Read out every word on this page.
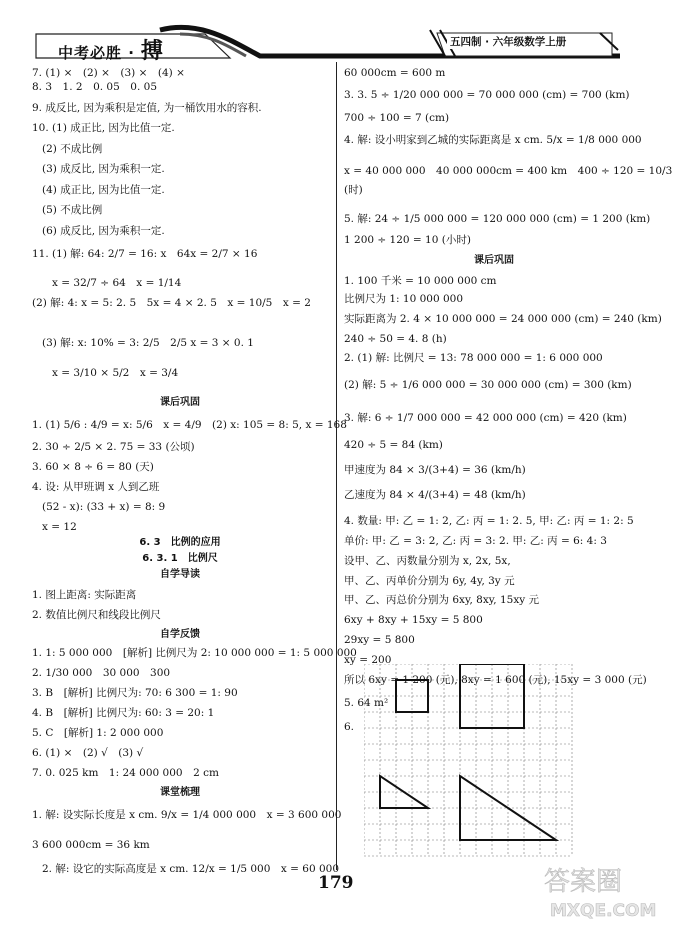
中考必胜 · 搏	五四制 · 六年级数学上册
7. (1) ×　(2) ×　(3) ×　(4) ×
8. 3　1. 2　0. 05　0. 05
9. 成反比, 因为乘积是定值, 为一桶饮用水的容积.
10. (1) 成正比, 因为比值一定.
(2) 不成比例
(3) 成反比, 因为乘积一定.
(4) 成正比, 因为比值一定.
(5) 不成比例
(6) 成反比, 因为乘积一定.
11. (1) 解: 64: 2/7 = 16: x　64x = 2/7 × 16
x = 32/7 ÷ 64　x = 1/14
(2) 解: 4: x = 5: 2. 5　5x = 4 × 2. 5　x = 10/5　x = 2
(3) 解: x: 10% = 3: 2/5　2/5 x = 3 × 0. 1
x = 3/10 × 5/2　x = 3/4
课后巩固
1. (1) 5/6 : 4/9 = x: 5/6　x = 4/9　(2) x: 105 = 8: 5, x = 168
2. 30 ÷ 2/5 × 2. 75 = 33 (公顷)
3. 60 × 8 ÷ 6 = 80 (天)
4. 设: 从甲班调 x 人到乙班
(52 - x): (33 + x) = 8: 9
x = 12
6. 3　比例的应用
6. 3. 1　比例尺
自学导读
1. 图上距离: 实际距离
2. 数值比例尺和线段比例尺
自学反馈
1. 1: 5 000 000　[解析] 比例尺为 2: 10 000 000 = 1: 5 000 000
2. 1/30 000　30 000　300
3. B　[解析] 比例尺为: 70: 6 300 = 1: 90
4. B　[解析] 比例尺为: 60: 3 = 20: 1
5. C　[解析] 1: 2 000 000
6. (1) ×　(2) √　(3) √
7. 0. 025 km　1: 24 000 000　2 cm
课堂梳理
1. 解: 设实际长度是 x cm. 9/x = 1/4 000 000　x = 3 600 000
3 600 000cm = 36 km
2. 解: 设它的实际高度是 x cm. 12/x = 1/5 000　x = 60 000
60 000cm = 600 m
3. 3. 5 ÷ 1/20 000 000 = 70 000 000 (cm) = 700 (km)
700 ÷ 100 = 7 (cm)
4. 解: 设小明家到乙城的实际距离是 x cm. 5/x = 1/8 000 000
x = 40 000 000　40 000 000cm = 400 km　400 ÷ 120 = 10/3
(时)
5. 解: 24 ÷ 1/5 000 000 = 120 000 000 (cm) = 1 200 (km)
1 200 ÷ 120 = 10 (小时)
课后巩固
1. 100 千米 = 10 000 000 cm
比例尺为 1: 10 000 000
实际距离为 2. 4 × 10 000 000 = 24 000 000 (cm) = 240 (km)
240 ÷ 50 = 4. 8 (h)
2. (1) 解: 比例尺 = 13: 78 000 000 = 1: 6 000 000
(2) 解: 5 ÷ 1/6 000 000 = 30 000 000 (cm) = 300 (km)
3. 解: 6 ÷ 1/7 000 000 = 42 000 000 (cm) = 420 (km)
420 ÷ 5 = 84 (km)
甲速度为 84 × 3/(3+4) = 36 (km/h)
乙速度为 84 × 4/(3+4) = 48 (km/h)
4. 数量: 甲: 乙 = 1: 2, 乙: 丙 = 1: 2. 5, 甲: 乙: 丙 = 1: 2: 5
单价: 甲: 乙 = 3: 2, 乙: 丙 = 3: 2. 甲: 乙: 丙 = 6: 4: 3
设甲、乙、丙数量分别为 x, 2x, 5x,
甲、乙、丙单价分别为 6y, 4y, 3y 元
甲、乙、丙总价分别为 6xy, 8xy, 15xy 元
6xy + 8xy + 15xy = 5 800
29xy = 5 800
xy = 200
所以 6xy = 1 200 (元), 8xy = 1 600 (元), 15xy = 3 000 (元)
5. 64 m²
6.
179	答案圈
MXQE.COM
